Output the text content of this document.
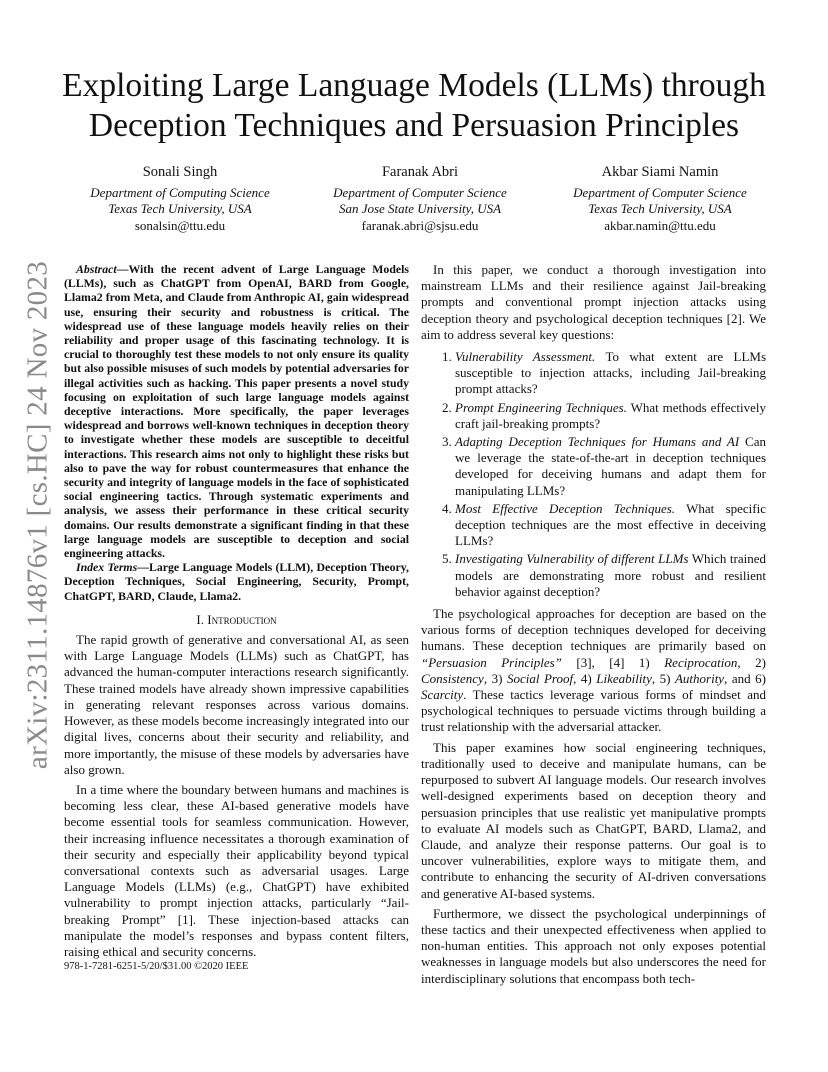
arXiv:2311.14876v1 [cs.HC] 24 Nov 2023
Exploiting Large Language Models (LLMs) through Deception Techniques and Persuasion Principles
Sonali Singh
Department of Computing Science
Texas Tech University, USA
sonalsin@ttu.edu
Faranak Abri
Department of Computer Science
San Jose State University, USA
faranak.abri@sjsu.edu
Akbar Siami Namin
Department of Computer Science
Texas Tech University, USA
akbar.namin@ttu.edu

Abstract—With the recent advent of Large Language Models (LLMs), such as ChatGPT from OpenAI, BARD from Google, Llama2 from Meta, and Claude from Anthropic AI, gain widespread use, ensuring their security and robustness is critical. The widespread use of these language models heavily relies on their reliability and proper usage of this fascinating technology. It is crucial to thoroughly test these models to not only ensure its quality but also possible misuses of such models by potential adversaries for illegal activities such as hacking. This paper presents a novel study focusing on exploitation of such large language models against deceptive interactions. More specifically, the paper leverages widespread and borrows well-known techniques in deception theory to investigate whether these models are susceptible to deceitful interactions. This research aims not only to highlight these risks but also to pave the way for robust countermeasures that enhance the security and integrity of language models in the face of sophisticated social engineering tactics. Through systematic experiments and analysis, we assess their performance in these critical security domains. Our results demonstrate a significant finding in that these large language models are susceptible to deception and social engineering attacks.

Index Terms—Large Language Models (LLM), Deception Theory, Deception Techniques, Social Engineering, Security, Prompt, ChatGPT, BARD, Claude, Llama2.

I. Introduction

The rapid growth of generative and conversational AI, as seen with Large Language Models (LLMs) such as ChatGPT, has advanced the human-computer interactions research significantly. These trained models have already shown impressive capabilities in generating relevant responses across various domains. However, as these models become increasingly integrated into our digital lives, concerns about their security and reliability, and more importantly, the misuse of these models by adversaries have also grown.

In a time where the boundary between humans and machines is becoming less clear, these AI-based generative models have become essential tools for seamless communication. However, their increasing influence necessitates a thorough examination of their security and especially their applicability beyond typical conversational contexts such as adversarial usages. Large Language Models (LLMs) (e.g., ChatGPT) have exhibited vulnerability to prompt injection attacks, particularly “Jail-breaking Prompt” [1]. These injection-based attacks can manipulate the model’s responses and bypass content filters, raising ethical and security concerns.

978-1-7281-6251-5/20/$31.00 ©2020 IEEE

In this paper, we conduct a thorough investigation into mainstream LLMs and their resilience against Jail-breaking prompts and conventional prompt injection attacks using deception theory and psychological deception techniques [2]. We aim to address several key questions:

1. Vulnerability Assessment. To what extent are LLMs susceptible to injection attacks, including Jail-breaking prompt attacks?
2. Prompt Engineering Techniques. What methods effectively craft jail-breaking prompts?
3. Adapting Deception Techniques for Humans and AI Can we leverage the state-of-the-art in deception techniques developed for deceiving humans and adapt them for manipulating LLMs?
4. Most Effective Deception Techniques. What specific deception techniques are the most effective in deceiving LLMs?
5. Investigating Vulnerability of different LLMs Which trained models are demonstrating more robust and resilient behavior against deception?

The psychological approaches for deception are based on the various forms of deception techniques developed for deceiving humans. These deception techniques are primarily based on “Persuasion Principles” [3], [4] 1) Reciprocation, 2) Consistency, 3) Social Proof, 4) Likeability, 5) Authority, and 6) Scarcity. These tactics leverage various forms of mindset and psychological techniques to persuade victims through building a trust relationship with the adversarial attacker.

This paper examines how social engineering techniques, traditionally used to deceive and manipulate humans, can be repurposed to subvert AI language models. Our research involves well-designed experiments based on deception theory and persuasion principles that use realistic yet manipulative prompts to evaluate AI models such as ChatGPT, BARD, Llama2, and Claude, and analyze their response patterns. Our goal is to uncover vulnerabilities, explore ways to mitigate them, and contribute to enhancing the security of AI-driven conversations and generative AI-based systems.

Furthermore, we dissect the psychological underpinnings of these tactics and their unexpected effectiveness when applied to non-human entities. This approach not only exposes potential weaknesses in language models but also underscores the need for interdisciplinary solutions that encompass both tech-
